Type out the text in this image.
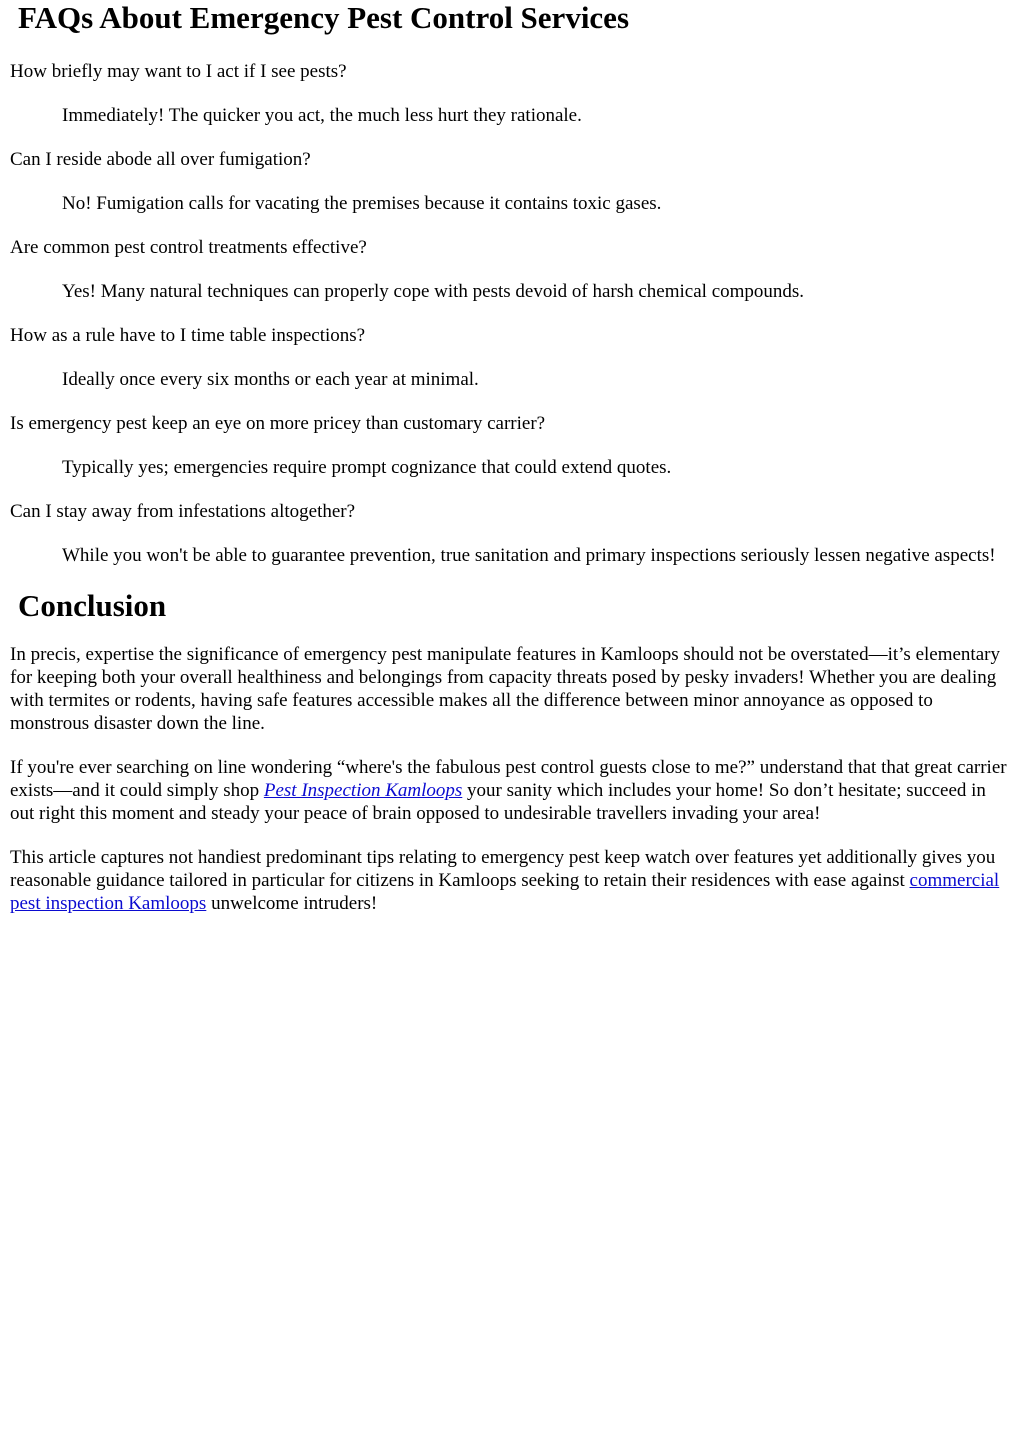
FAQs About Emergency Pest Control Services

How briefly may want to I act if I see pests?

Immediately! The quicker you act, the much less hurt they rationale.

Can I reside abode all over fumigation?

No! Fumigation calls for vacating the premises because it contains toxic gases.

Are common pest control treatments effective?

Yes! Many natural techniques can properly cope with pests devoid of harsh chemical compounds.

How as a rule have to I time table inspections?

Ideally once every six months or each year at minimal.

Is emergency pest keep an eye on more pricey than customary carrier?

Typically yes; emergencies require prompt cognizance that could extend quotes.

Can I stay away from infestations altogether?

While you won't be able to guarantee prevention, true sanitation and primary inspections seriously lessen negative aspects!

Conclusion

In precis, expertise the significance of emergency pest manipulate features in Kamloops should not be overstated—it’s elementary for keeping both your overall healthiness and belongings from capacity threats posed by pesky invaders! Whether you are dealing with termites or rodents, having safe features accessible makes all the difference between minor annoyance as opposed to monstrous disaster down the line.

If you're ever searching on line wondering “where's the fabulous pest control guests close to me?” understand that that great carrier exists—and it could simply shop Pest Inspection Kamloops your sanity which includes your home! So don’t hesitate; succeed in out right this moment and steady your peace of brain opposed to undesirable travellers invading your area!

This article captures not handiest predominant tips relating to emergency pest keep watch over features yet additionally gives you reasonable guidance tailored in particular for citizens in Kamloops seeking to retain their residences with ease against commercial pest inspection Kamloops unwelcome intruders!
